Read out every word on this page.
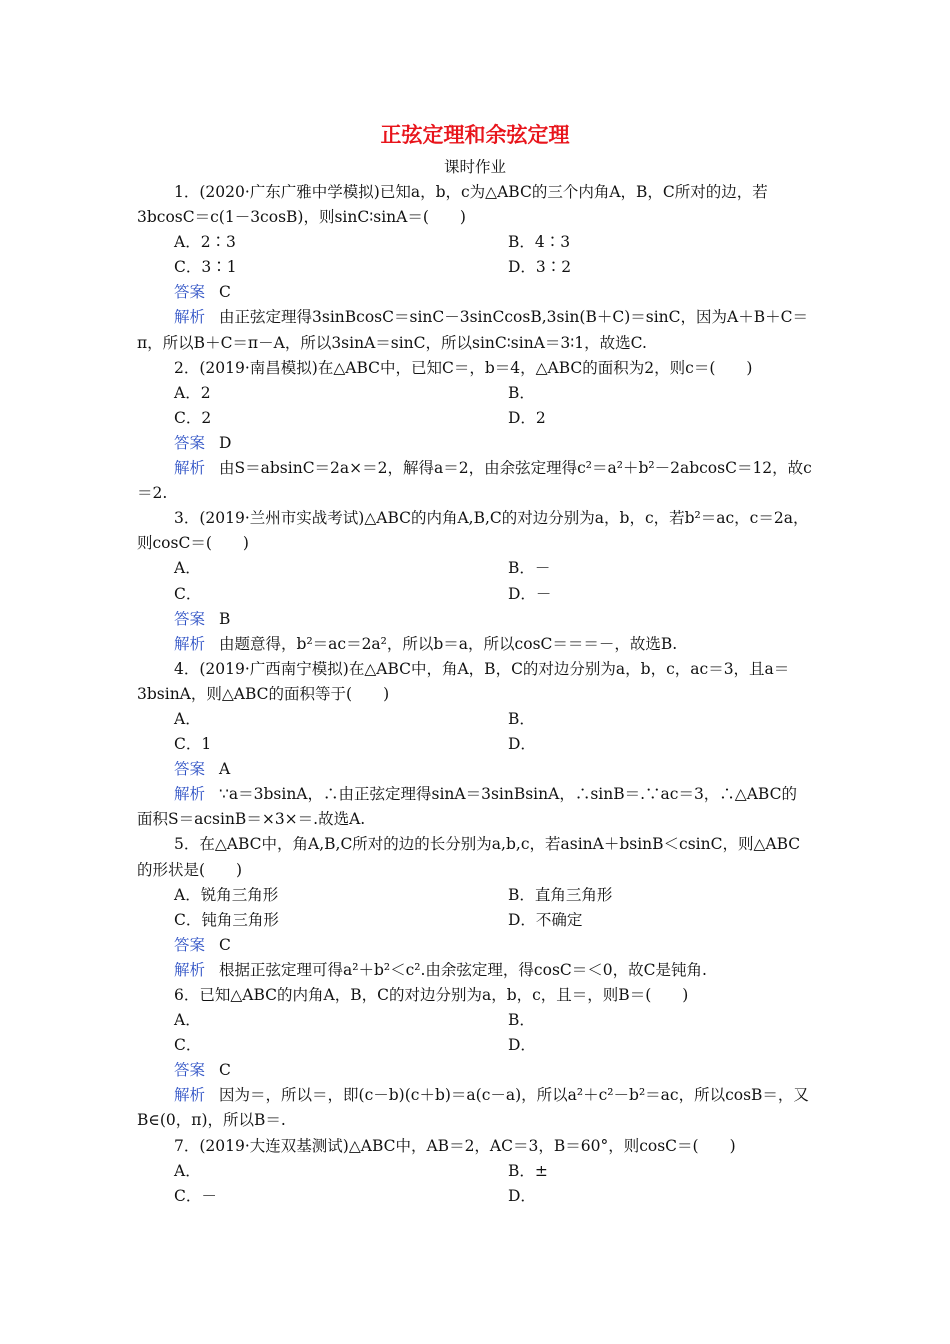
正弦定理和余弦定理
课时作业
1．(2020·广东广雅中学模拟)已知a，b，c为△ABC的三个内角A，B，C所对的边，若
3bcosC＝c(1－3cosB)，则sinC∶sinA＝(　　)
A．2∶3	B．4∶3
C．3∶1	D．3∶2
答案 C
解析 由正弦定理得3sinBcosC＝sinC－3sinCcosB,3sin(B＋C)＝sinC，因为A＋B＋C＝
π，所以B＋C＝π－A，所以3sinA＝sinC，所以sinC∶sinA＝3∶1，故选C.
2．(2019·南昌模拟)在△ABC中，已知C＝，b＝4，△ABC的面积为2，则c＝(　　)
A．2	B．
C．2	D．2
答案 D
解析 由S＝absinC＝2a×＝2，解得a＝2，由余弦定理得c²＝a²＋b²－2abcosC＝12，故c
＝2.
3．(2019·兰州市实战考试)△ABC的内角A,B,C的对边分别为a，b，c，若b²＝ac，c＝2a，
则cosC＝(　　)
A．	B．－
C．	D．－
答案 B
解析 由题意得，b²＝ac＝2a²，所以b＝a，所以cosC＝＝＝－，故选B.
4．(2019·广西南宁模拟)在△ABC中，角A，B，C的对边分别为a，b，c，ac＝3，且a＝
3bsinA，则△ABC的面积等于(　　)
A．	B．
C．1	D．
答案 A
解析 ∵a＝3bsinA，∴由正弦定理得sinA＝3sinBsinA，∴sinB＝.∵ac＝3，∴△ABC的
面积S＝acsinB＝×3×＝.故选A.
5．在△ABC中，角A,B,C所对的边的长分别为a,b,c，若asinA＋bsinB＜csinC，则△ABC
的形状是(　　)
A．锐角三角形	B．直角三角形
C．钝角三角形	D．不确定
答案 C
解析 根据正弦定理可得a²＋b²＜c².由余弦定理，得cosC＝＜0，故C是钝角.
6．已知△ABC的内角A，B，C的对边分别为a，b，c，且＝，则B＝(　　)
A．	B．
C．	D．
答案 C
解析 因为＝，所以＝，即(c－b)(c＋b)＝a(c－a)，所以a²＋c²－b²＝ac，所以cosB＝，又
B∈(0，π)，所以B＝.
7．(2019·大连双基测试)△ABC中，AB＝2，AC＝3，B＝60°，则cosC＝(　　)
A．	B．±
C．－	D．
